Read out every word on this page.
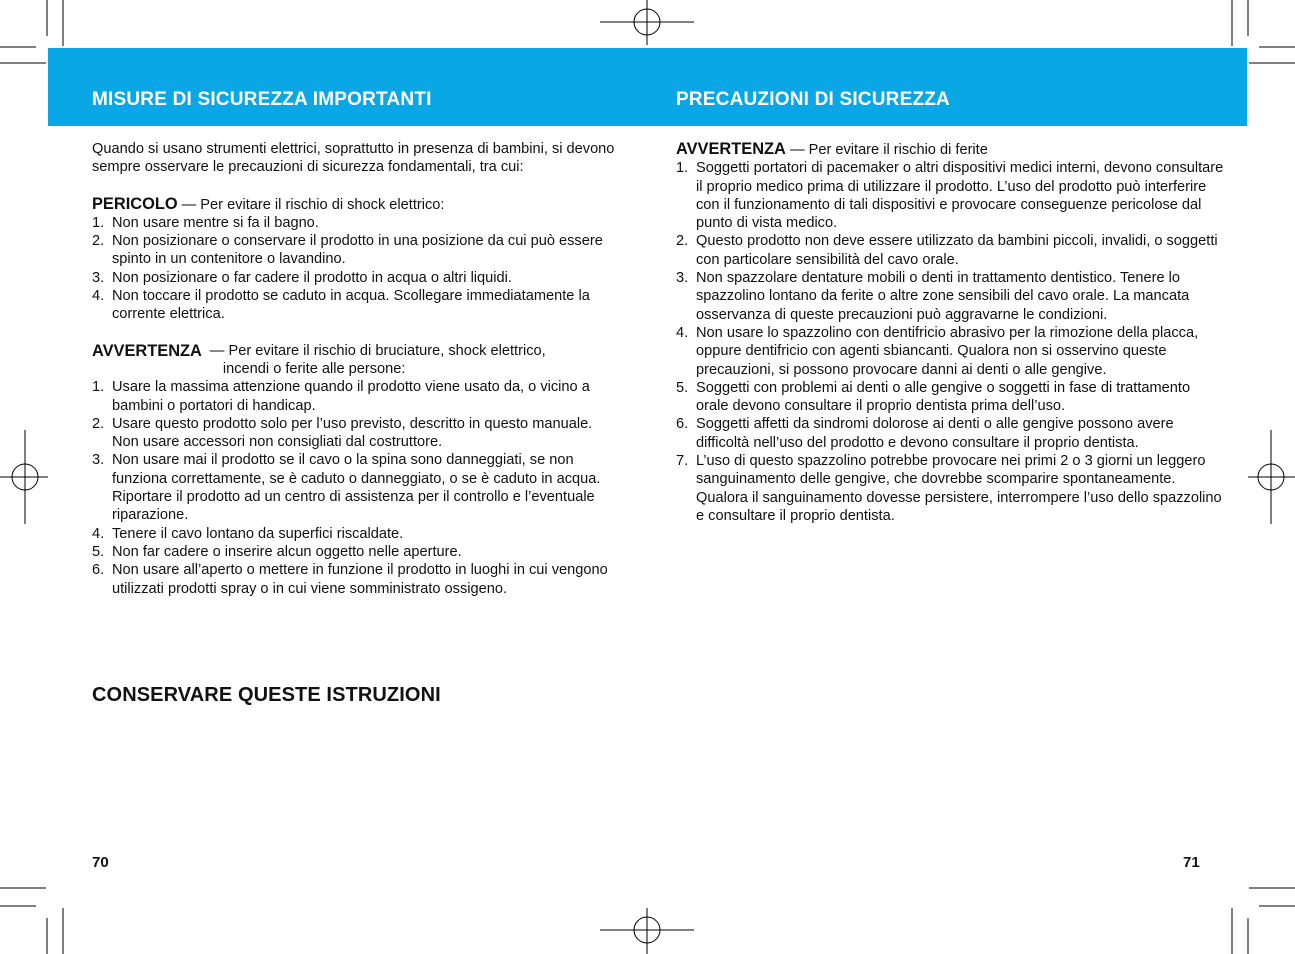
MISURE DI SICUREZZA IMPORTANTI	PRECAUZIONI DI SICUREZZA

Quando si usano strumenti elettrici, soprattutto in presenza di bambini, si devono sempre osservare le precauzioni di sicurezza fondamentali, tra cui:

PERICOLO — Per evitare il rischio di shock elettrico:

1. Non usare mentre si fa il bagno.
2. Non posizionare o conservare il prodotto in una posizione da cui può essere spinto in un contenitore o lavandino.
3. Non posizionare o far cadere il prodotto in acqua o altri liquidi.
4. Non toccare il prodotto se caduto in acqua. Scollegare immediatamente la corrente elettrica.
AVVERTENZA — Per evitare il rischio di bruciature, shock elettrico, incendi o ferite alle persone:
1. Usare la massima attenzione quando il prodotto viene usato da, o vicino a bambini o portatori di handicap.
2. Usare questo prodotto solo per l’uso previsto, descritto in questo manuale.
Non usare accessori non consigliati dal costruttore.
3. Non usare mai il prodotto se il cavo o la spina sono danneggiati, se non funziona correttamente, se è caduto o danneggiato, o se è caduto in acqua. Riportare il prodotto ad un centro di assistenza per il controllo e l’eventuale riparazione.
4. Tenere il cavo lontano da superfici riscaldate.
5. Non far cadere o inserire alcun oggetto nelle aperture.
6. Non usare all’aperto o mettere in funzione il prodotto in luoghi in cui vengono utilizzati prodotti spray o in cui viene somministrato ossigeno.

CONSERVARE QUESTE ISTRUZIONI

70

AVVERTENZA — Per evitare il rischio di ferite

1. Soggetti portatori di pacemaker o altri dispositivi medici interni, devono consultare il proprio medico prima di utilizzare il prodotto. L’uso del prodotto può interferire con il funzionamento di tali dispositivi e provocare conseguenze pericolose dal punto di vista medico.
2. Questo prodotto non deve essere utilizzato da bambini piccoli, invalidi, o soggetti con particolare sensibilità del cavo orale.
3. Non spazzolare dentature mobili o denti in trattamento dentistico. Tenere lo spazzolino lontano da ferite o altre zone sensibili del cavo orale. La mancata osservanza di queste precauzioni può aggravarne le condizioni.
4. Non usare lo spazzolino con dentifricio abrasivo per la rimozione della placca, oppure dentifricio con agenti sbiancanti. Qualora non si osservino queste precauzioni, si possono provocare danni ai denti o alle gengive.
5. Soggetti con problemi ai denti o alle gengive o soggetti in fase di trattamento orale devono consultare il proprio dentista prima dell’uso.
6. Soggetti affetti da sindromi dolorose ai denti o alle gengive possono avere difficoltà nell’uso del prodotto e devono consultare il proprio dentista.
7. L’uso di questo spazzolino potrebbe provocare nei primi 2 o 3 giorni un leggero sanguinamento delle gengive, che dovrebbe scomparire spontaneamente. Qualora il sanguinamento dovesse persistere, interrompere l’uso dello spazzolino e consultare il proprio dentista.

71
